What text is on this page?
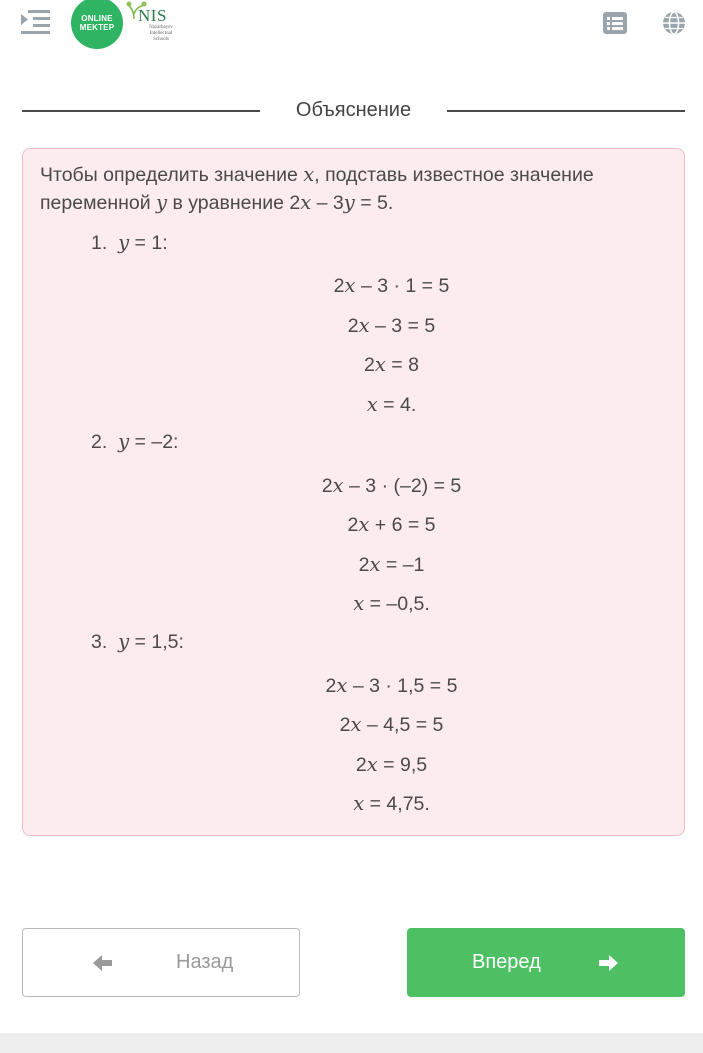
ONLINE
MEKTEP
NIS
Nazarbayev
Intellectual
Schools
Объяснение
Чтобы определить значение x, подставь известное значение переменной y в уравнение 2x – 3y = 5.
1. y = 1:
2x – 3 · 1 = 5
2x – 3 = 5
2x = 8
x = 4.
2. y = –2:
2x – 3 · (–2) = 5
2x + 6 = 5
2x = –1
x = –0,5.
3. y = 1,5:
2x – 3 · 1,5 = 5
2x – 4,5 = 5
2x = 9,5
x = 4,75.
Назад	Вперед
